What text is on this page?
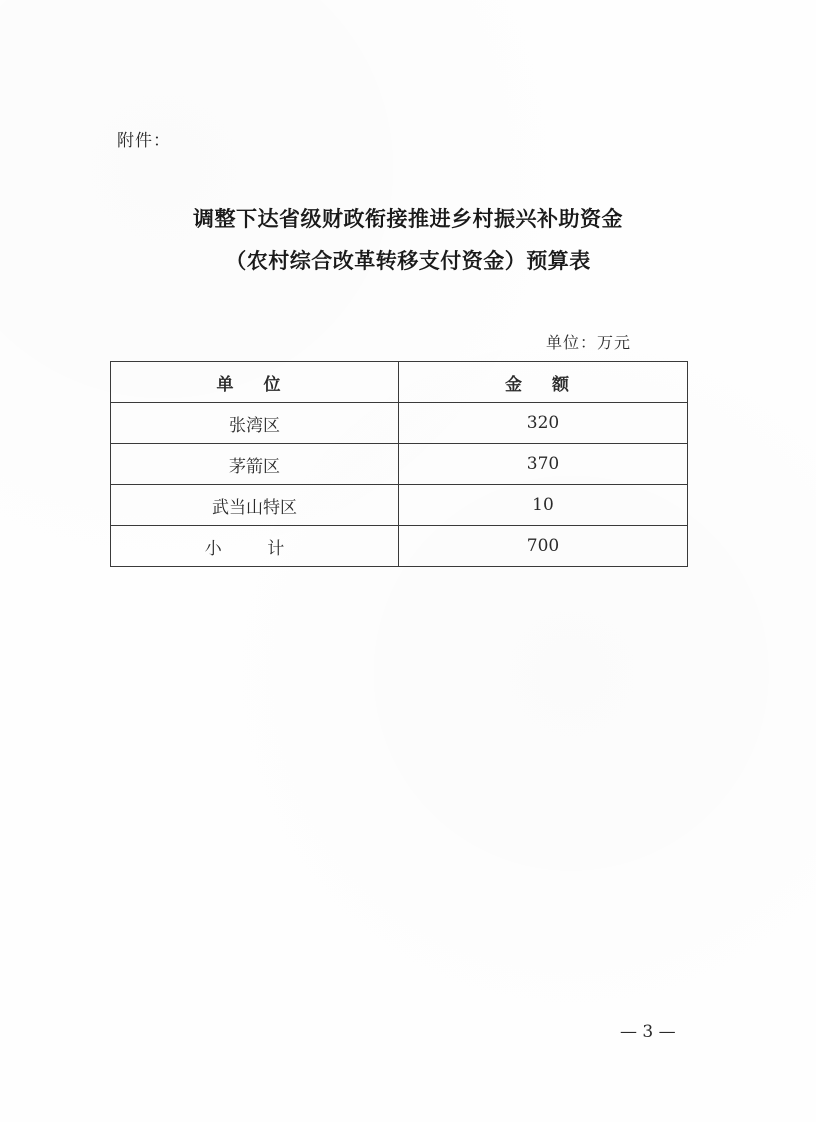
附件：
调整下达省级财政衔接推进乡村振兴补助资金
（农村综合改革转移支付资金）预算表
单位：万元
单 位	金 额
张湾区	320
茅箭区	370
武当山特区	10
小 计	700
— 3 —
